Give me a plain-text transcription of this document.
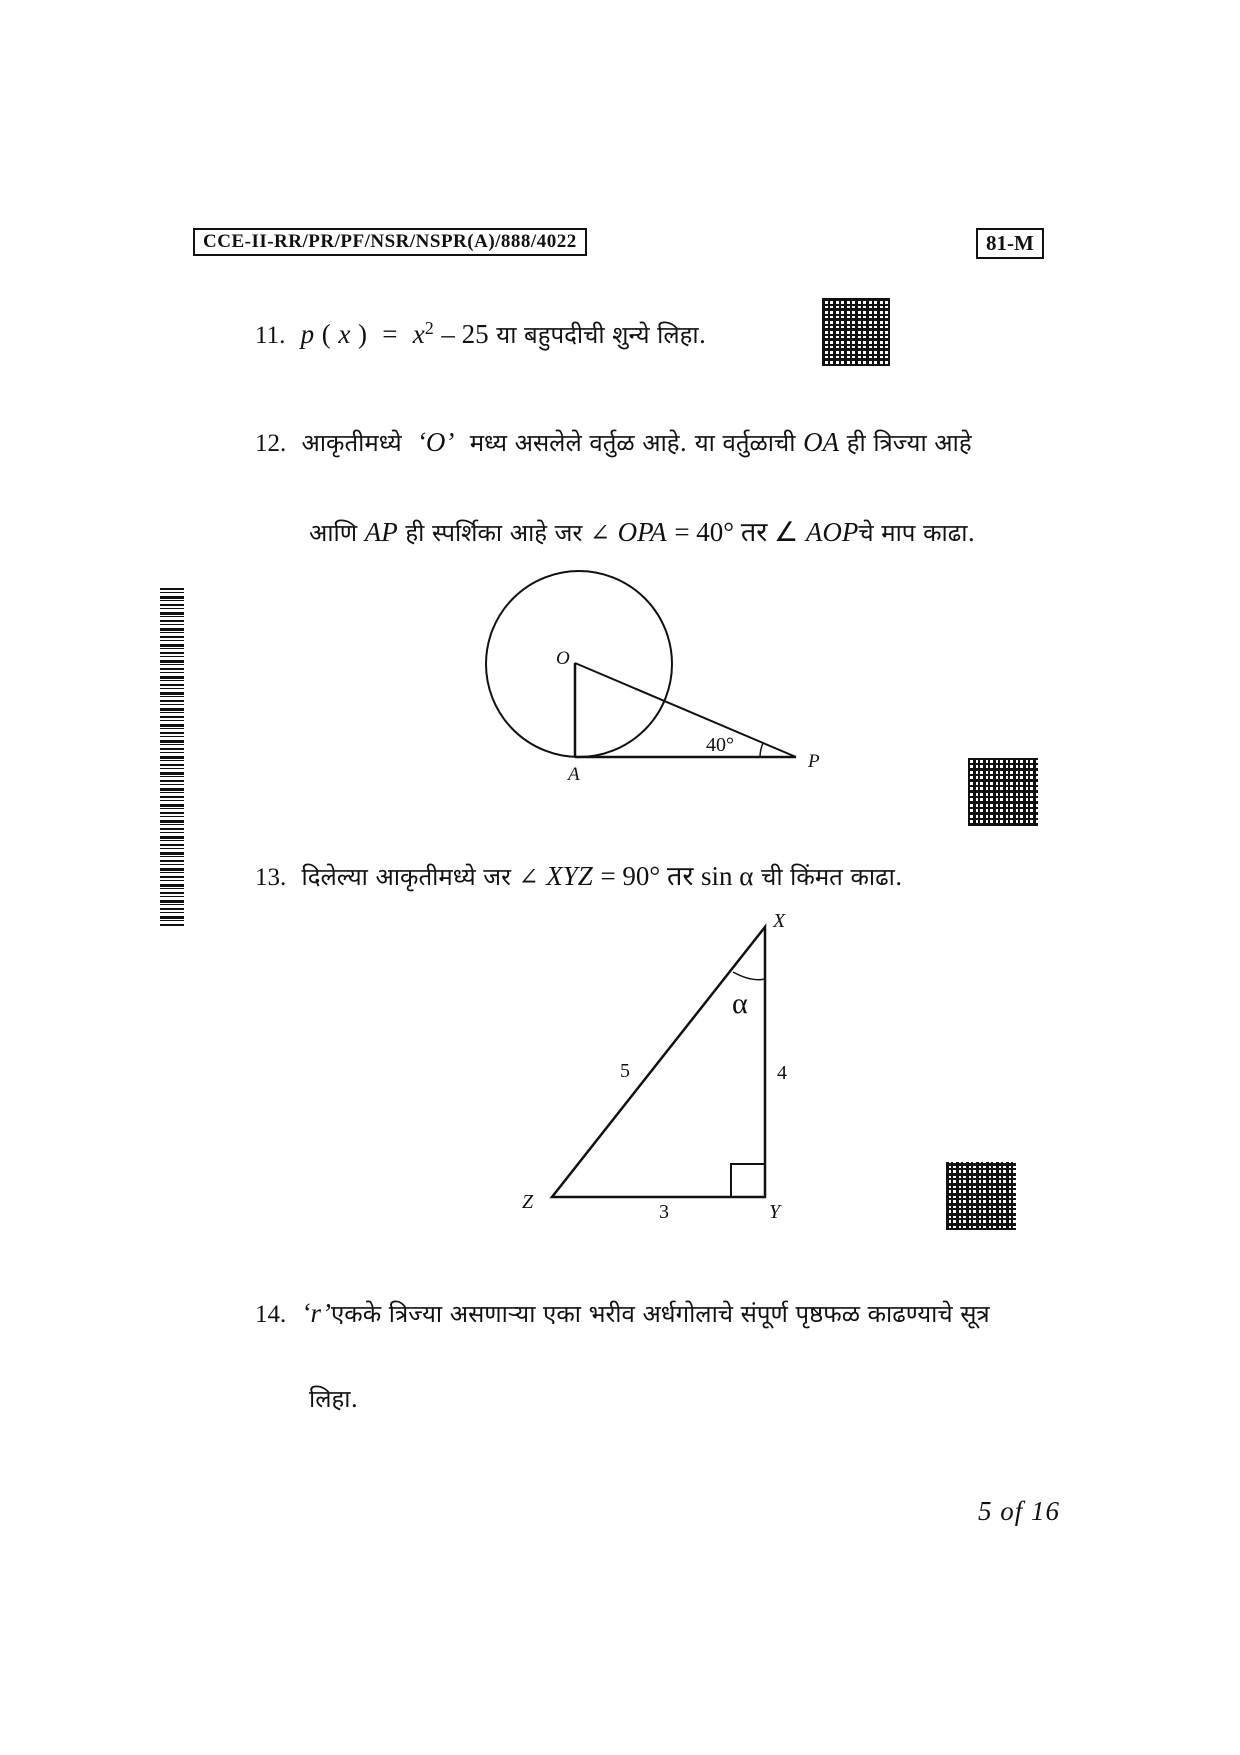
CCE-II-RR/PR/PF/NSR/NSPR(A)/888/4022	81-M
11. p ( x ) = $x^2 - 25$ या बहुपदीची शुन्ये लिहा.
12. आकृतीमध्ये ‘O’ मध्य असलेले वर्तुळ आहे. या वर्तुळाची OA ही त्रिज्या आहे
आणि AP ही स्पर्शिका आहे जर ∠ OPA = 40° तर ∠ AOPचे माप काढा.
O
A
P
40°
13. दिलेल्या आकृतीमध्ये जर ∠ XYZ = 90° तर sin α ची किंमत काढा.
X
Y
Z
α
5	4
3
14. ‘r’एकके त्रिज्या असणाऱ्या एका भरीव अर्धगोलाचे संपूर्ण पृष्ठफळ काढण्याचे सूत्र
लिहा.
5 of 16
